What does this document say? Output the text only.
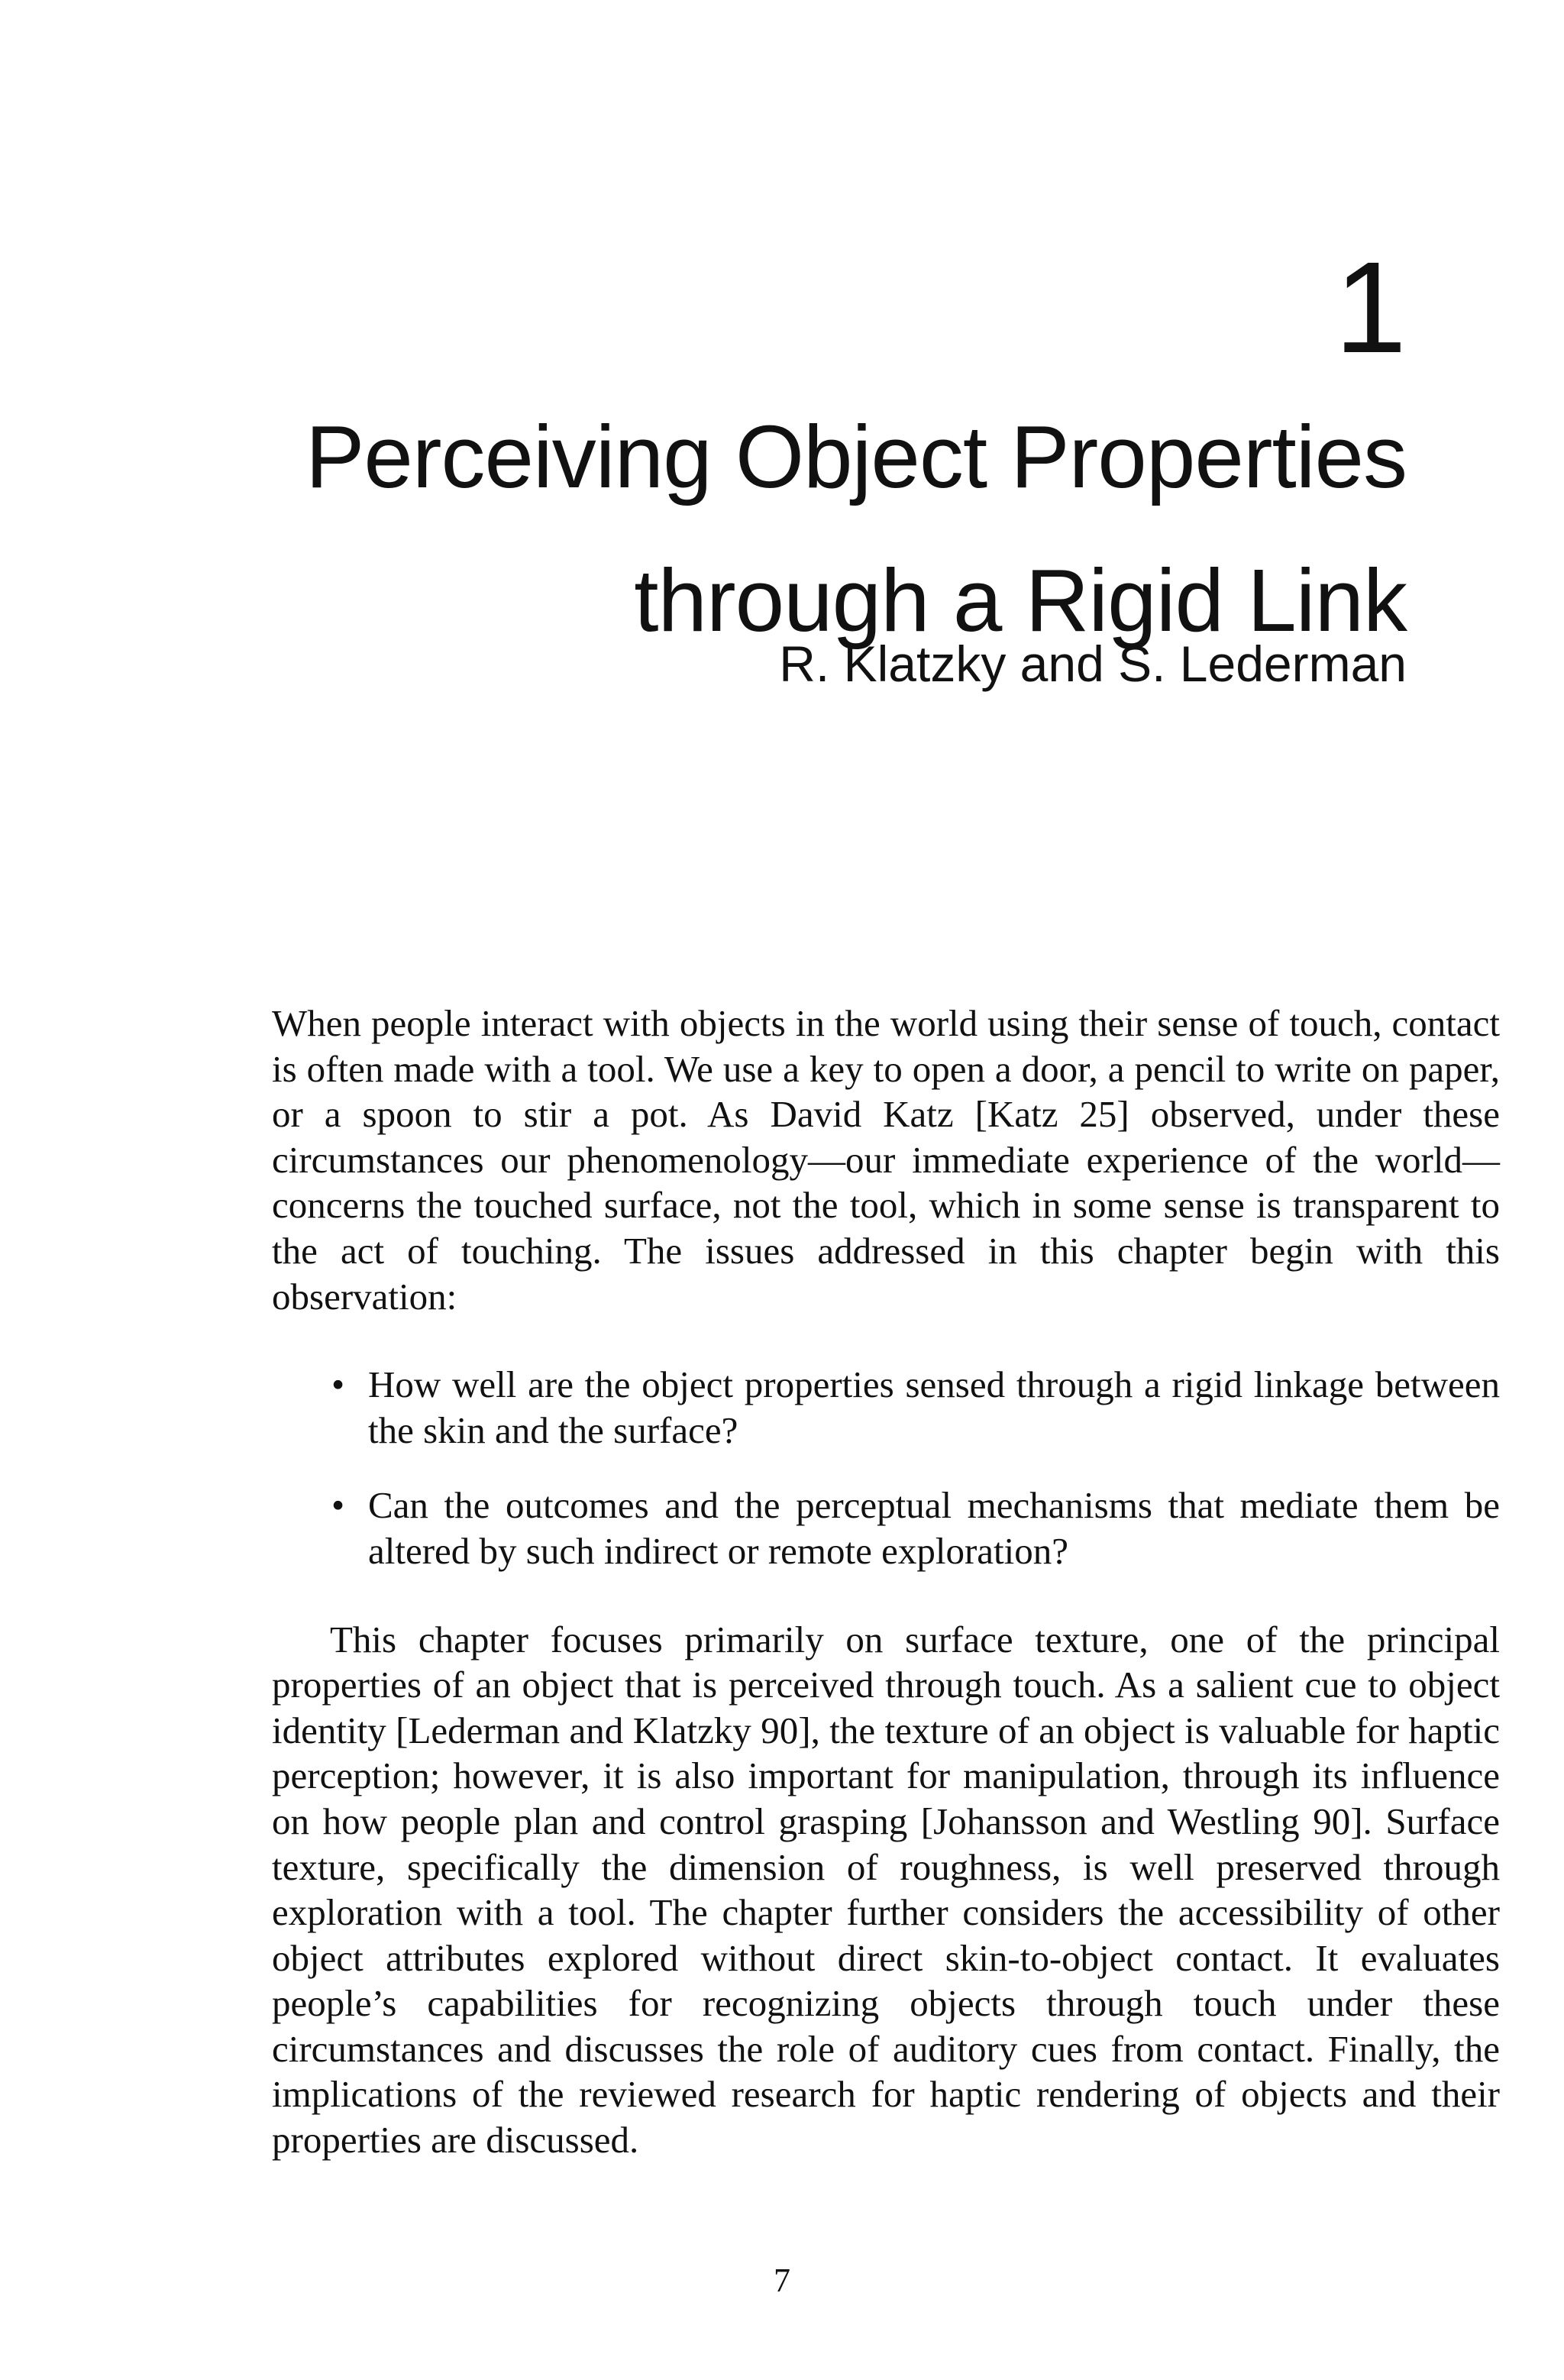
1
Perceiving Object Properties
through a Rigid Link
R. Klatzky and S. Lederman

When people interact with objects in the world using their sense of touch, contact is often made with a tool. We use a key to open a door, a pencil to write on paper, or a spoon to stir a pot. As David Katz [Katz 25] observed, under these circumstances our phenomenology—our immediate experience of the world—concerns the touched surface, not the tool, which in some sense is transparent to the act of touching. The issues addressed in this chapter begin with this observation:

• How well are the object properties sensed through a rigid linkage between the skin and the surface?
• Can the outcomes and the perceptual mechanisms that mediate them be altered by such indirect or remote exploration?

This chapter focuses primarily on surface texture, one of the principal properties of an object that is perceived through touch. As a salient cue to object identity [Lederman and Klatzky 90], the texture of an object is valuable for haptic perception; however, it is also important for manipulation, through its influence on how people plan and control grasping [Johansson and Westling 90]. Surface texture, specifically the dimension of roughness, is well preserved through exploration with a tool. The chapter further considers the accessibility of other object attributes explored without direct skin-to-object contact. It evaluates people’s capabilities for recognizing objects through touch under these circumstances and discusses the role of auditory cues from contact. Finally, the implications of the reviewed research for haptic rendering of objects and their properties are discussed.

7
